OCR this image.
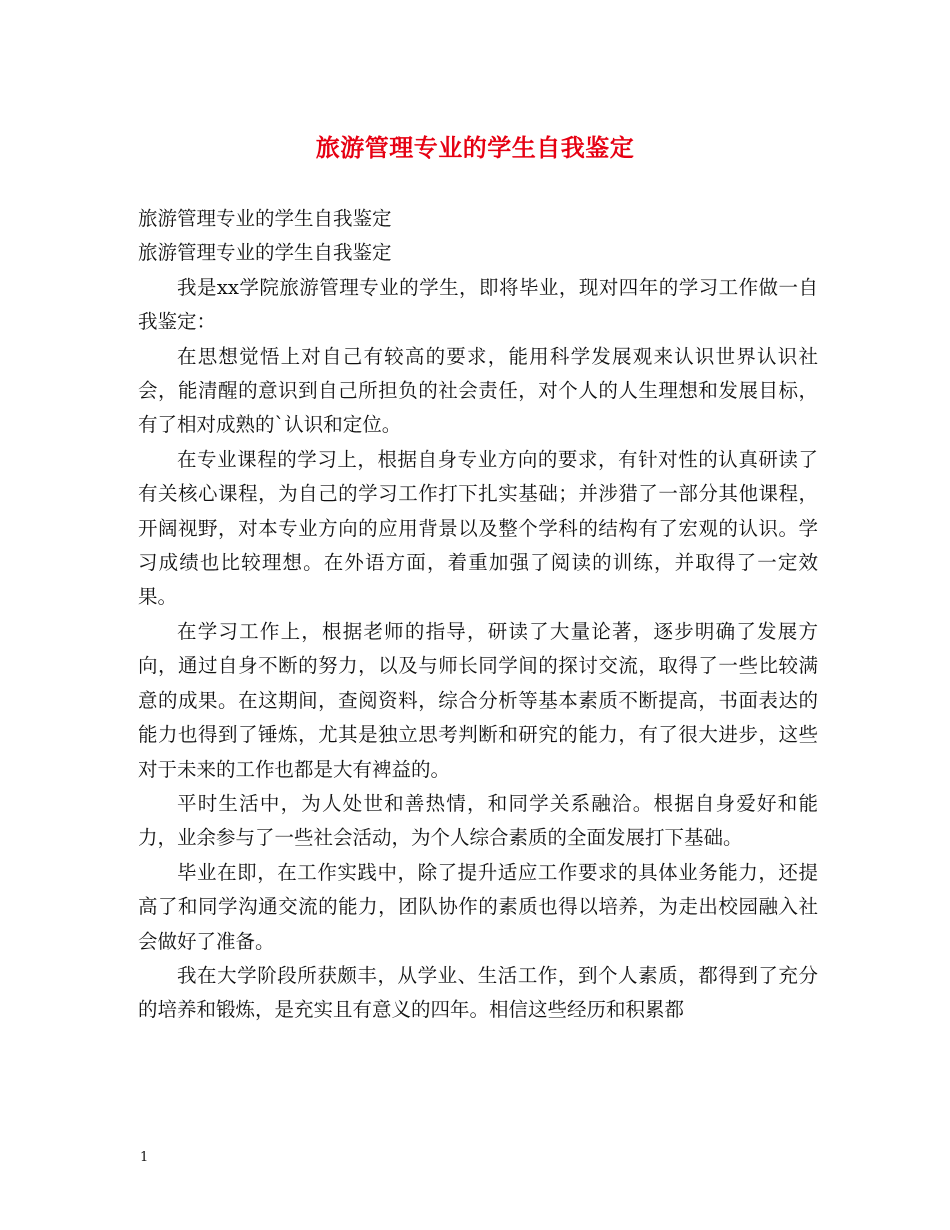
旅游管理专业的学生自我鉴定

旅游管理专业的学生自我鉴定

旅游管理专业的学生自我鉴定

我是xx学院旅游管理专业的学生，即将毕业，现对四年的学习工作做一自我鉴定：

在思想觉悟上对自己有较高的要求，能用科学发展观来认识世界认识社会，能清醒的意识到自己所担负的社会责任，对个人的人生理想和发展目标，有了相对成熟的`认识和定位。

在专业课程的学习上，根据自身专业方向的要求，有针对性的认真研读了有关核心课程，为自己的学习工作打下扎实基础；并涉猎了一部分其他课程，开阔视野，对本专业方向的应用背景以及整个学科的结构有了宏观的认识。学习成绩也比较理想。在外语方面，着重加强了阅读的训练，并取得了一定效果。

在学习工作上，根据老师的指导，研读了大量论著，逐步明确了发展方向，通过自身不断的努力，以及与师长同学间的探讨交流，取得了一些比较满意的成果。在这期间，查阅资料，综合分析等基本素质不断提高，书面表达的能力也得到了锤炼，尤其是独立思考判断和研究的能力，有了很大进步，这些对于未来的工作也都是大有裨益的。

平时生活中，为人处世和善热情，和同学关系融洽。根据自身爱好和能力，业余参与了一些社会活动，为个人综合素质的全面发展打下基础。

毕业在即，在工作实践中，除了提升适应工作要求的具体业务能力，还提高了和同学沟通交流的能力，团队协作的素质也得以培养，为走出校园融入社会做好了准备。

我在大学阶段所获颇丰，从学业、生活工作，到个人素质，都得到了充分的培养和锻炼，是充实且有意义的四年。相信这些经历和积累都

1
